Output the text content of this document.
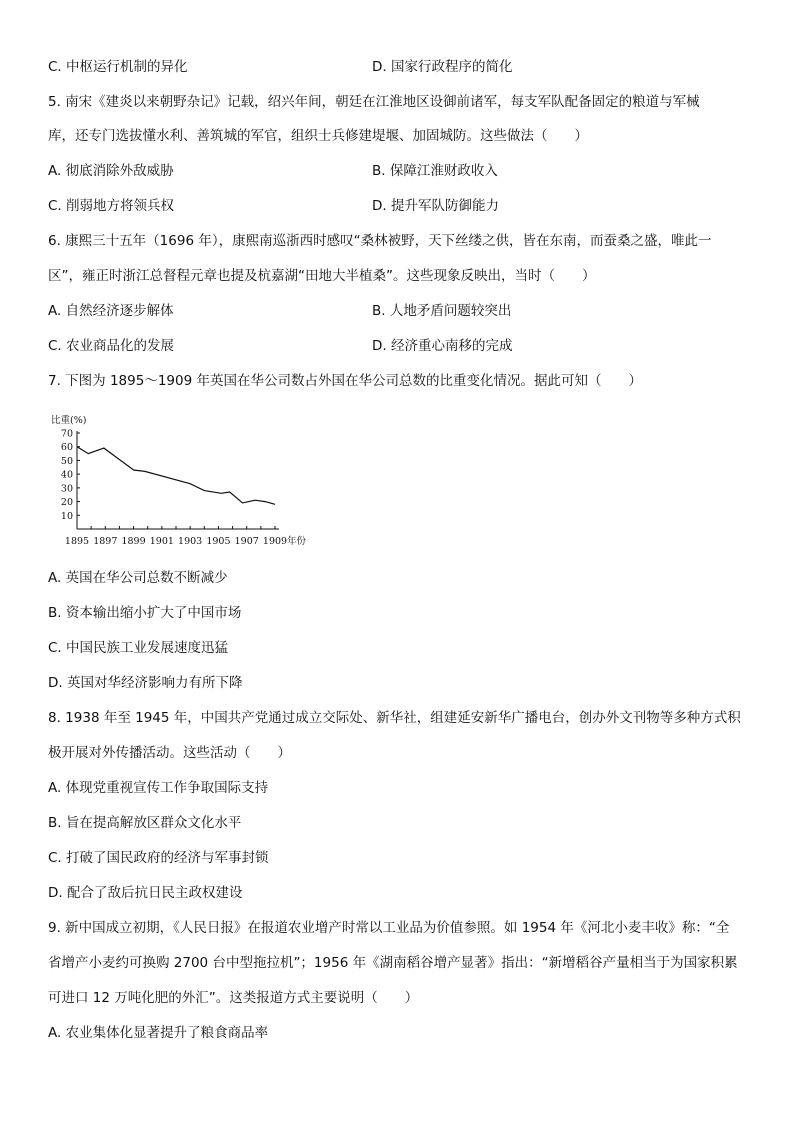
C. 中枢运行机制的异化	D. 国家行政程序的简化
5. 南宋《建炎以来朝野杂记》记载，绍兴年间，朝廷在江淮地区设御前诸军，每支军队配备固定的粮道与军械
库，还专门选拔懂水利、善筑城的军官，组织士兵修建堤堰、加固城防。这些做法（　　）
A. 彻底消除外敌威胁	B. 保障江淮财政收入
C. 削弱地方将领兵权	D. 提升军队防御能力
6. 康熙三十五年（1696 年），康熙南巡浙西时感叹“桑林被野，天下丝缕之供，皆在东南，而蚕桑之盛，唯此一
区”，雍正时浙江总督程元章也提及杭嘉湖“田地大半植桑”。这些现象反映出，当时（　　）
A. 自然经济逐步解体	B. 人地矛盾问题较突出
C. 农业商品化的发展	D. 经济重心南移的完成
7. 下图为 1895～1909 年英国在华公司数占外国在华公司总数的比重变化情况。据此可知（　　）
10
20
30
40
50
60
70
1895 1897 1899 1901 1903 1905 1907 1909
比重(%)
年份
A. 英国在华公司总数不断减少
B. 资本输出缩小扩大了中国市场
C. 中国民族工业发展速度迅猛
D. 英国对华经济影响力有所下降
8. 1938 年至 1945 年，中国共产党通过成立交际处、新华社，组建延安新华广播电台，创办外文刊物等多种方式积
极开展对外传播活动。这些活动（　　）
A. 体现党重视宣传工作争取国际支持
B. 旨在提高解放区群众文化水平
C. 打破了国民政府的经济与军事封锁
D. 配合了敌后抗日民主政权建设
9. 新中国成立初期，《人民日报》在报道农业增产时常以工业品为价值参照。如 1954 年《河北小麦丰收》称：“全
省增产小麦约可换购 2700 台中型拖拉机”；1956 年《湖南稻谷增产显著》指出：“新增稻谷产量相当于为国家积累
可进口 12 万吨化肥的外汇”。这类报道方式主要说明（　　）
A. 农业集体化显著提升了粮食商品率
